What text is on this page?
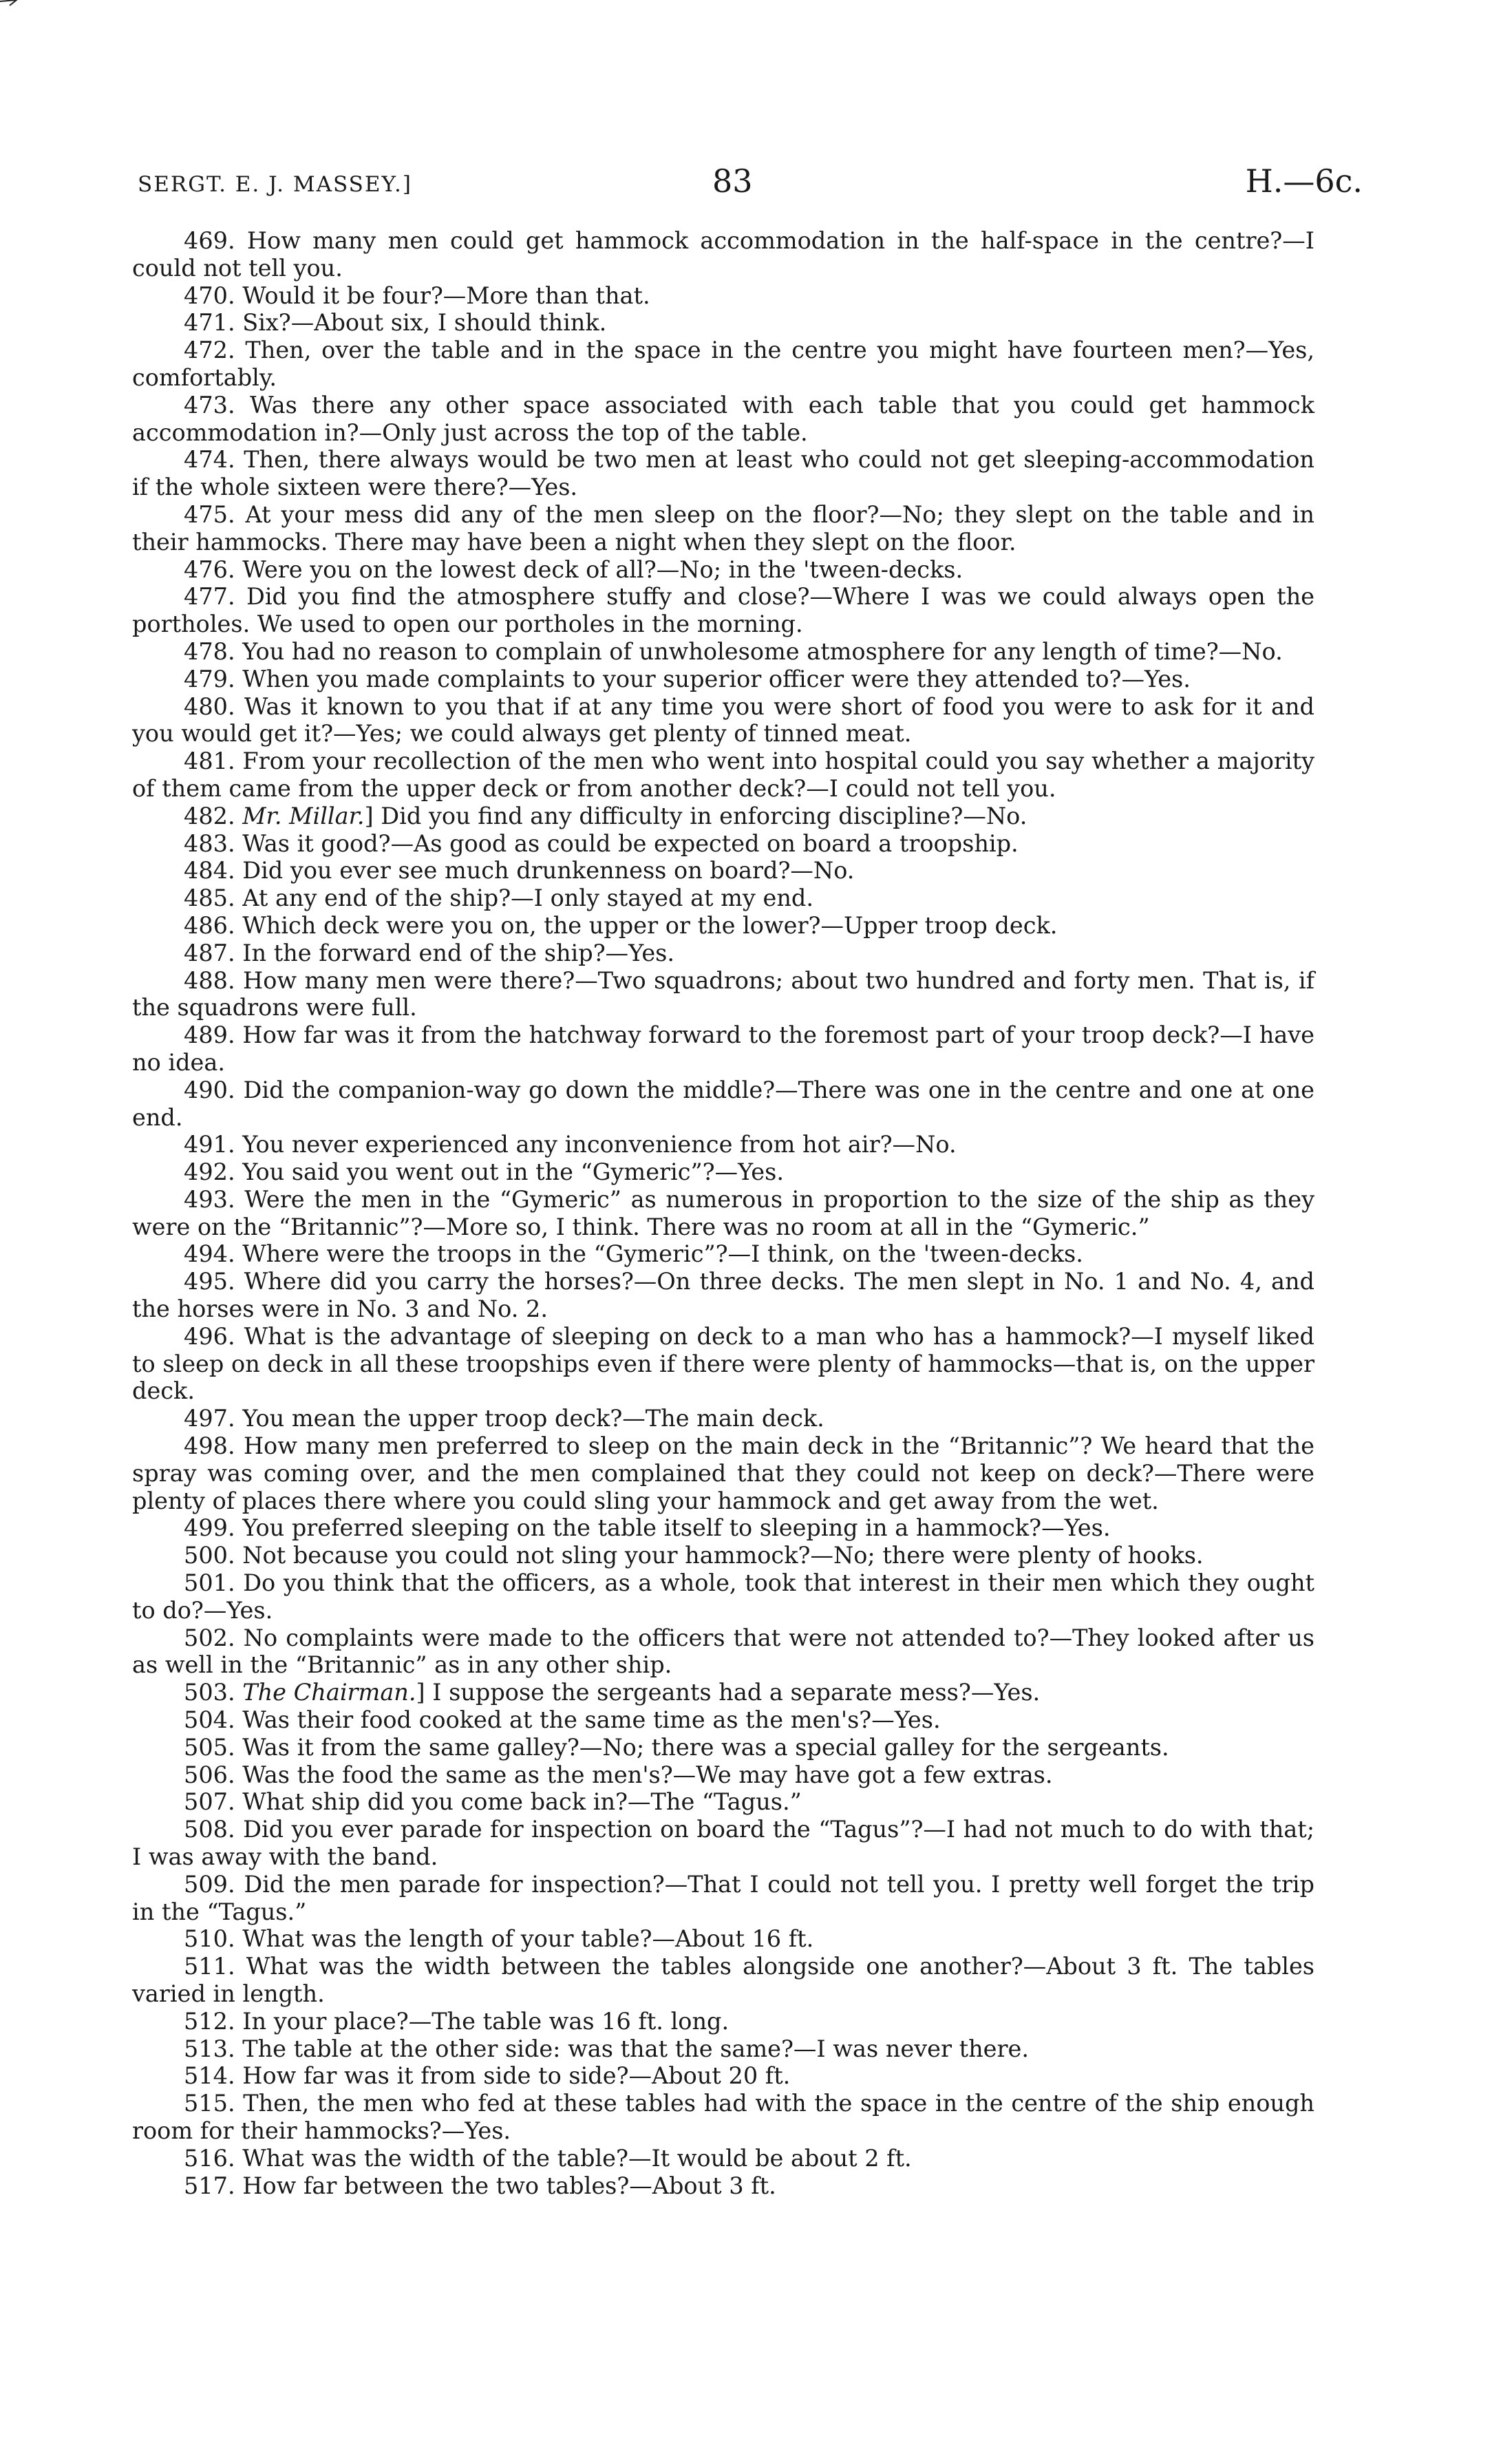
SERGT. E. J. MASSEY.]	83	H.—6c.

469. How many men could get hammock accommodation in the half-space in the centre?—I could not tell you.

470. Would it be four?—More than that.

471. Six?—About six, I should think.

472. Then, over the table and in the space in the centre you might have fourteen men?—Yes, comfortably.

473. Was there any other space associated with each table that you could get hammock accommodation in?—Only just across the top of the table.

474. Then, there always would be two men at least who could not get sleeping-accommodation if the whole sixteen were there?—Yes.

475. At your mess did any of the men sleep on the floor?—No; they slept on the table and in their hammocks. There may have been a night when they slept on the floor.

476. Were you on the lowest deck of all?—No; in the 'tween-decks.

477. Did you find the atmosphere stuffy and close?—Where I was we could always open the portholes. We used to open our portholes in the morning.

478. You had no reason to complain of unwholesome atmosphere for any length of time?—No.

479. When you made complaints to your superior officer were they attended to?—Yes.

480. Was it known to you that if at any time you were short of food you were to ask for it and you would get it?—Yes; we could always get plenty of tinned meat.

481. From your recollection of the men who went into hospital could you say whether a majority of them came from the upper deck or from another deck?—I could not tell you.

482. Mr. Millar.] Did you find any difficulty in enforcing discipline?—No.

483. Was it good?—As good as could be expected on board a troopship.

484. Did you ever see much drunkenness on board?—No.

485. At any end of the ship?—I only stayed at my end.

486. Which deck were you on, the upper or the lower?—Upper troop deck.

487. In the forward end of the ship?—Yes.

488. How many men were there?—Two squadrons; about two hundred and forty men. That is, if the squadrons were full.

489. How far was it from the hatchway forward to the foremost part of your troop deck?—I have no idea.

490. Did the companion-way go down the middle?—There was one in the centre and one at one end.

491. You never experienced any inconvenience from hot air?—No.

492. You said you went out in the “Gymeric”?—Yes.

493. Were the men in the “Gymeric” as numerous in proportion to the size of the ship as they were on the “Britannic”?—More so, I think. There was no room at all in the “Gymeric.”

494. Where were the troops in the “Gymeric”?—I think, on the 'tween-decks.

495. Where did you carry the horses?—On three decks. The men slept in No. 1 and No. 4, and the horses were in No. 3 and No. 2.

496. What is the advantage of sleeping on deck to a man who has a hammock?—I myself liked to sleep on deck in all these troopships even if there were plenty of hammocks—that is, on the upper deck.

497. You mean the upper troop deck?—The main deck.

498. How many men preferred to sleep on the main deck in the “Britannic”? We heard that the spray was coming over, and the men complained that they could not keep on deck?—There were plenty of places there where you could sling your hammock and get away from the wet.

499. You preferred sleeping on the table itself to sleeping in a hammock?—Yes.

500. Not because you could not sling your hammock?—No; there were plenty of hooks.

501. Do you think that the officers, as a whole, took that interest in their men which they ought to do?—Yes.

502. No complaints were made to the officers that were not attended to?—They looked after us as well in the “Britannic” as in any other ship.

503. The Chairman.] I suppose the sergeants had a separate mess?—Yes.

504. Was their food cooked at the same time as the men's?—Yes.

505. Was it from the same galley?—No; there was a special galley for the sergeants.

506. Was the food the same as the men's?—We may have got a few extras.

507. What ship did you come back in?—The “Tagus.”

508. Did you ever parade for inspection on board the “Tagus”?—I had not much to do with that; I was away with the band.

509. Did the men parade for inspection?—That I could not tell you. I pretty well forget the trip in the “Tagus.”

510. What was the length of your table?—About 16 ft.

511. What was the width between the tables alongside one another?—About 3 ft. The tables varied in length.

512. In your place?—The table was 16 ft. long.

513. The table at the other side: was that the same?—I was never there.

514. How far was it from side to side?—About 20 ft.

515. Then, the men who fed at these tables had with the space in the centre of the ship enough room for their hammocks?—Yes.

516. What was the width of the table?—It would be about 2 ft.

517. How far between the two tables?—About 3 ft.
